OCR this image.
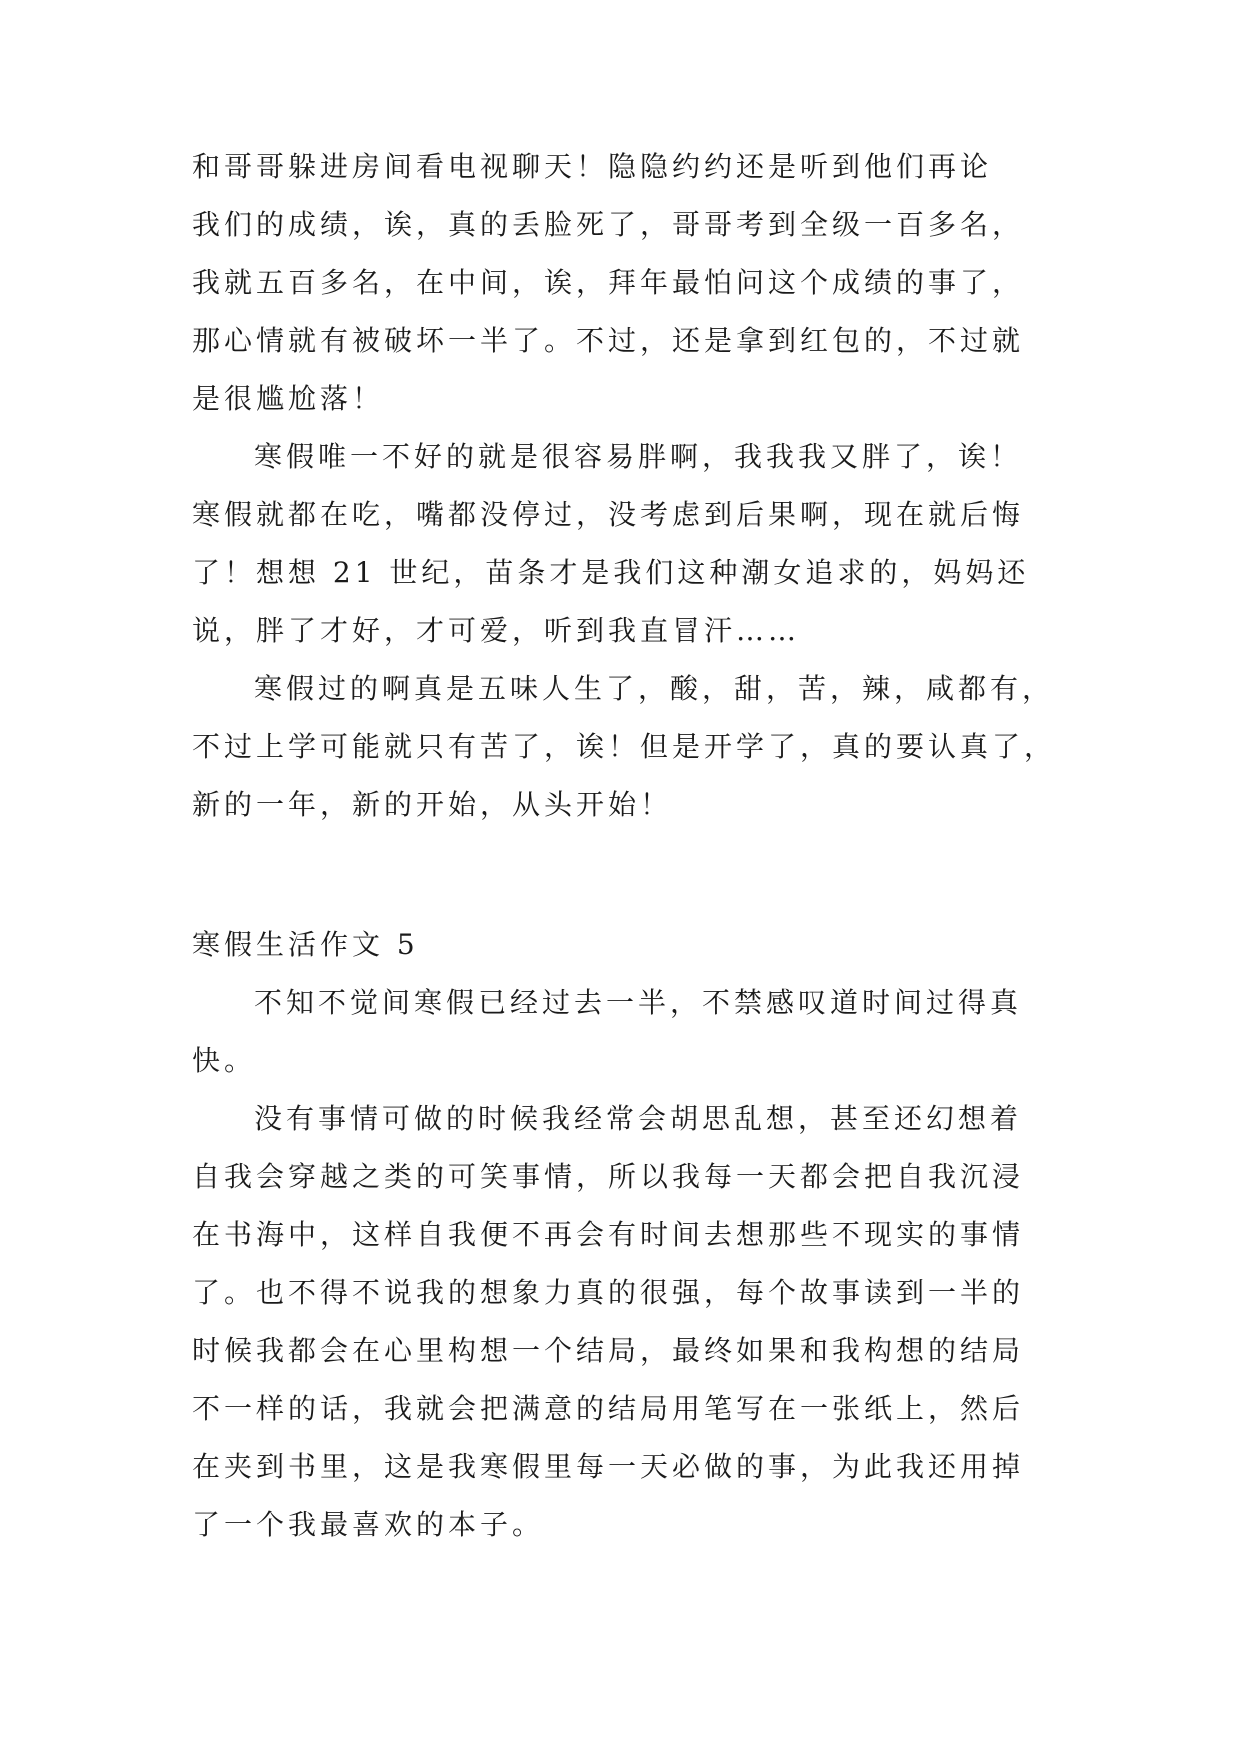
和哥哥躲进房间看电视聊天！隐隐约约还是听到他们再论
我们的成绩，诶，真的丢脸死了，哥哥考到全级一百多名，
我就五百多名，在中间，诶，拜年最怕问这个成绩的事了，
那心情就有被破坏一半了。不过，还是拿到红包的，不过就
是很尴尬落！
寒假唯一不好的就是很容易胖啊，我我我又胖了，诶！
寒假就都在吃，嘴都没停过，没考虑到后果啊，现在就后悔
了！想想 21 世纪，苗条才是我们这种潮女追求的，妈妈还
说，胖了才好，才可爱，听到我直冒汗……
寒假过的啊真是五味人生了，酸，甜，苦，辣，咸都有，
不过上学可能就只有苦了，诶！但是开学了，真的要认真了，
新的一年，新的开始，从头开始！
寒假生活作文 5
不知不觉间寒假已经过去一半，不禁感叹道时间过得真
快。
没有事情可做的时候我经常会胡思乱想，甚至还幻想着
自我会穿越之类的可笑事情，所以我每一天都会把自我沉浸
在书海中，这样自我便不再会有时间去想那些不现实的事情
了。也不得不说我的想象力真的很强，每个故事读到一半的
时候我都会在心里构想一个结局，最终如果和我构想的结局
不一样的话，我就会把满意的结局用笔写在一张纸上，然后
在夹到书里，这是我寒假里每一天必做的事，为此我还用掉
了一个我最喜欢的本子。
